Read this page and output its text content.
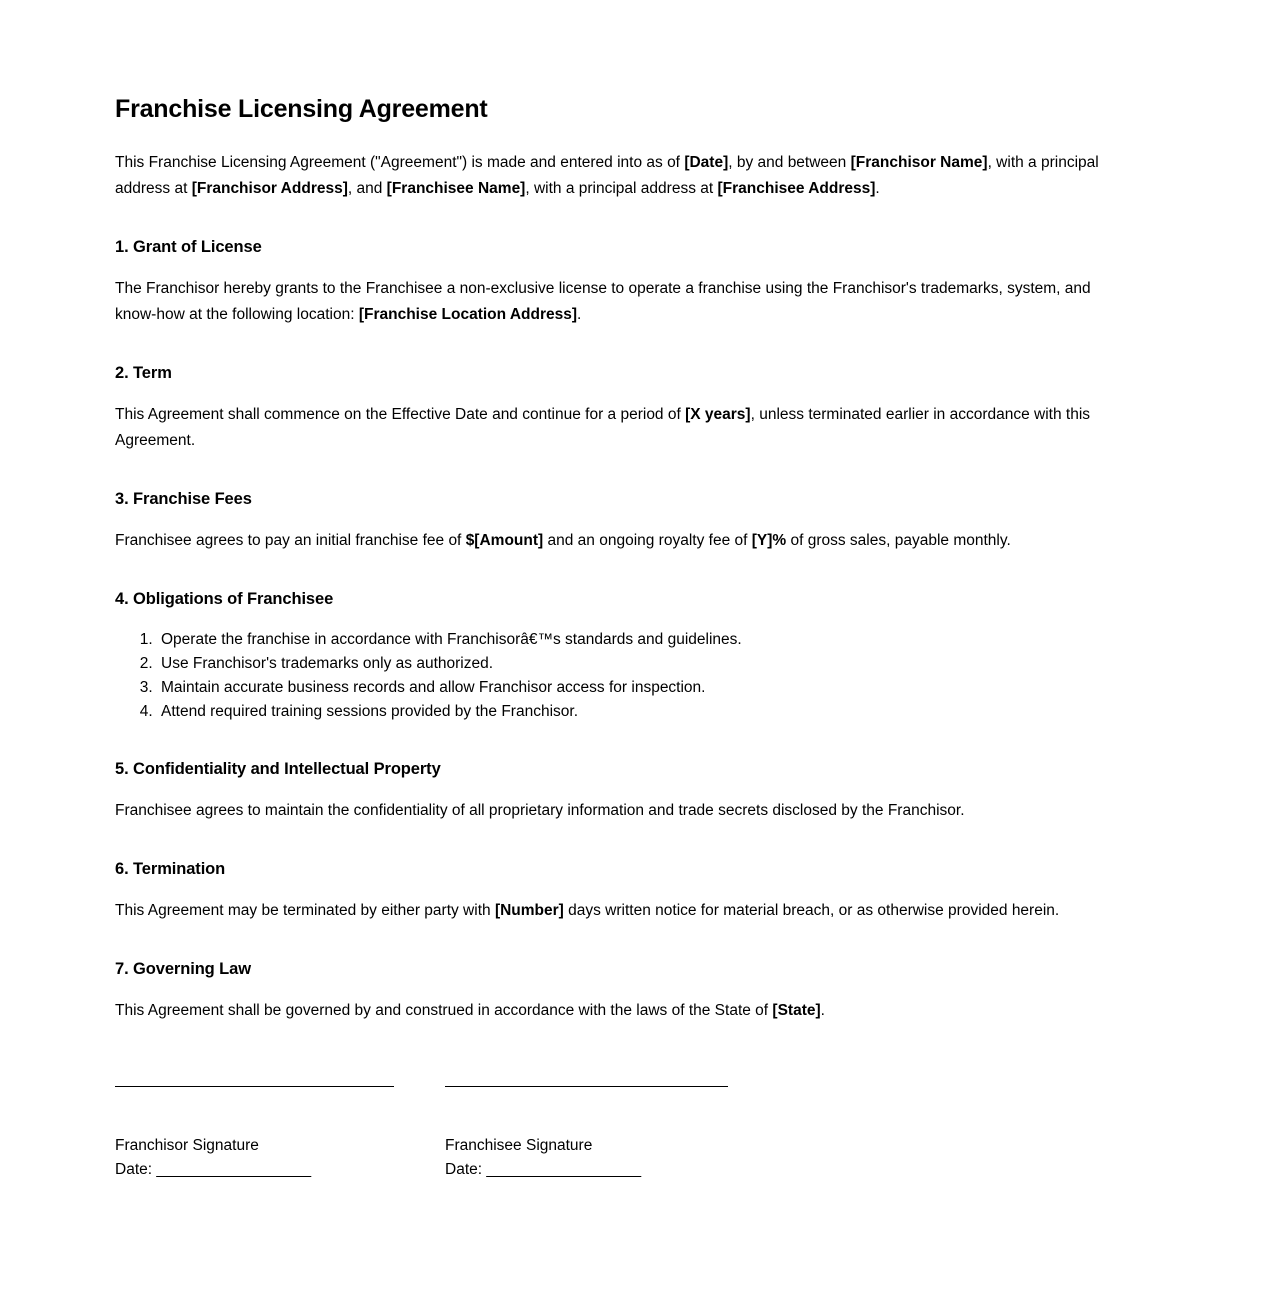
Franchise Licensing Agreement

This Franchise Licensing Agreement ("Agreement") is made and entered into as of [Date], by and between [Franchisor Name], with a principal address at [Franchisor Address], and [Franchisee Name], with a principal address at [Franchisee Address].

1. Grant of License

The Franchisor hereby grants to the Franchisee a non-exclusive license to operate a franchise using the Franchisor's trademarks, system, and know-how at the following location: [Franchise Location Address].

2. Term

This Agreement shall commence on the Effective Date and continue for a period of [X years], unless terminated earlier in accordance with this Agreement.

3. Franchise Fees

Franchisee agrees to pay an initial franchise fee of $[Amount] and an ongoing royalty fee of [Y]% of gross sales, payable monthly.

4. Obligations of Franchisee
1. Operate the franchise in accordance with Franchisorâ€™s standards and guidelines.
2. Use Franchisor's trademarks only as authorized.
3. Maintain accurate business records and allow Franchisor access for inspection.
4. Attend required training sessions provided by the Franchisor.
5. Confidentiality and Intellectual Property

Franchisee agrees to maintain the confidentiality of all proprietary information and trade secrets disclosed by the Franchisor.

6. Termination

This Agreement may be terminated by either party with [Number] days written notice for material breach, or as otherwise provided herein.

7. Governing Law

This Agreement shall be governed by and construed in accordance with the laws of the State of [State].

Franchisor Signature
Date: ___________________
Franchisee Signature
Date: ___________________
